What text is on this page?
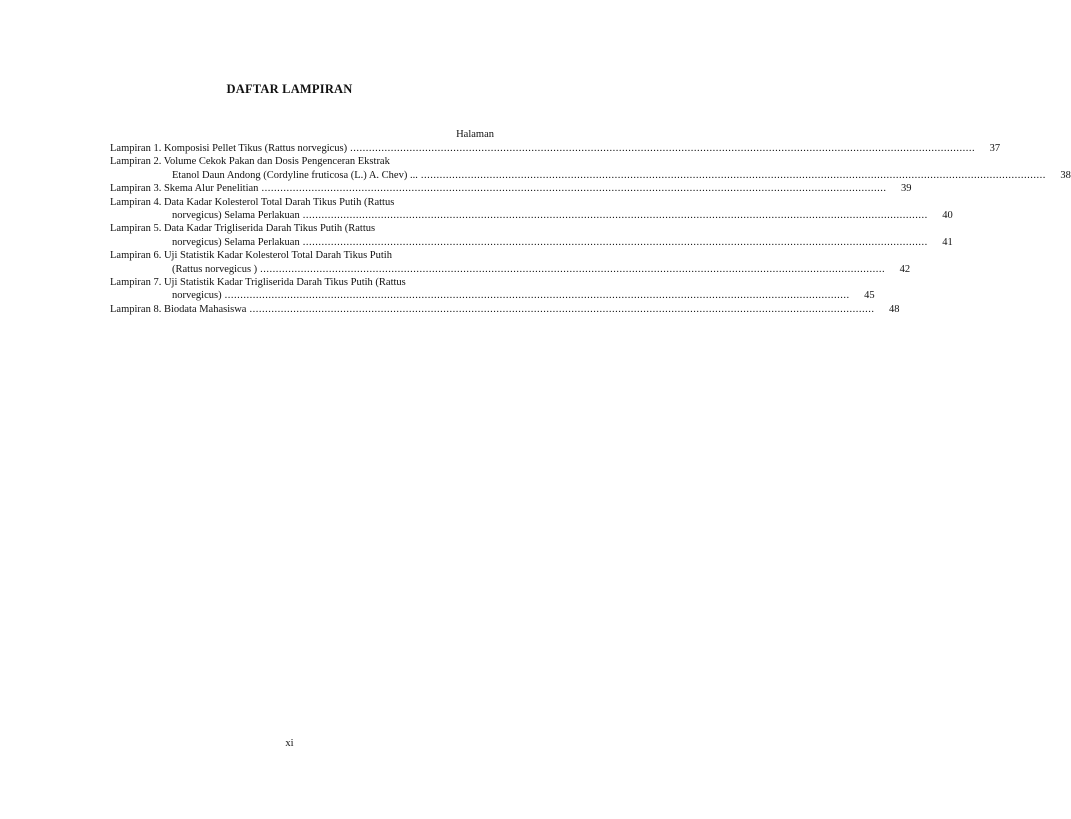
DAFTAR LAMPIRAN
Halaman
Lampiran 1. Komposisi Pellet Tikus (Rattus norvegicus) ........................................................................................................................................................................................................	37
Lampiran 2. Volume Cekok Pakan dan Dosis Pengenceran Ekstrak
Etanol Daun Andong (Cordyline fruticosa (L.) A. Chev) ... ........................................................................................................................................................................................................	38
Lampiran 3. Skema Alur Penelitian ........................................................................................................................................................................................................	39
Lampiran 4. Data Kadar Kolesterol Total Darah Tikus Putih (Rattus
norvegicus) Selama Perlakuan ........................................................................................................................................................................................................	40
Lampiran 5. Data Kadar Trigliserida Darah Tikus Putih (Rattus
norvegicus) Selama Perlakuan ........................................................................................................................................................................................................	41
Lampiran 6. Uji Statistik Kadar Kolesterol Total Darah Tikus Putih
(Rattus norvegicus ) ........................................................................................................................................................................................................	42
Lampiran 7. Uji Statistik Kadar Trigliserida Darah Tikus Putih (Rattus
norvegicus) ........................................................................................................................................................................................................	45
Lampiran 8. Biodata Mahasiswa ........................................................................................................................................................................................................	48
xi
